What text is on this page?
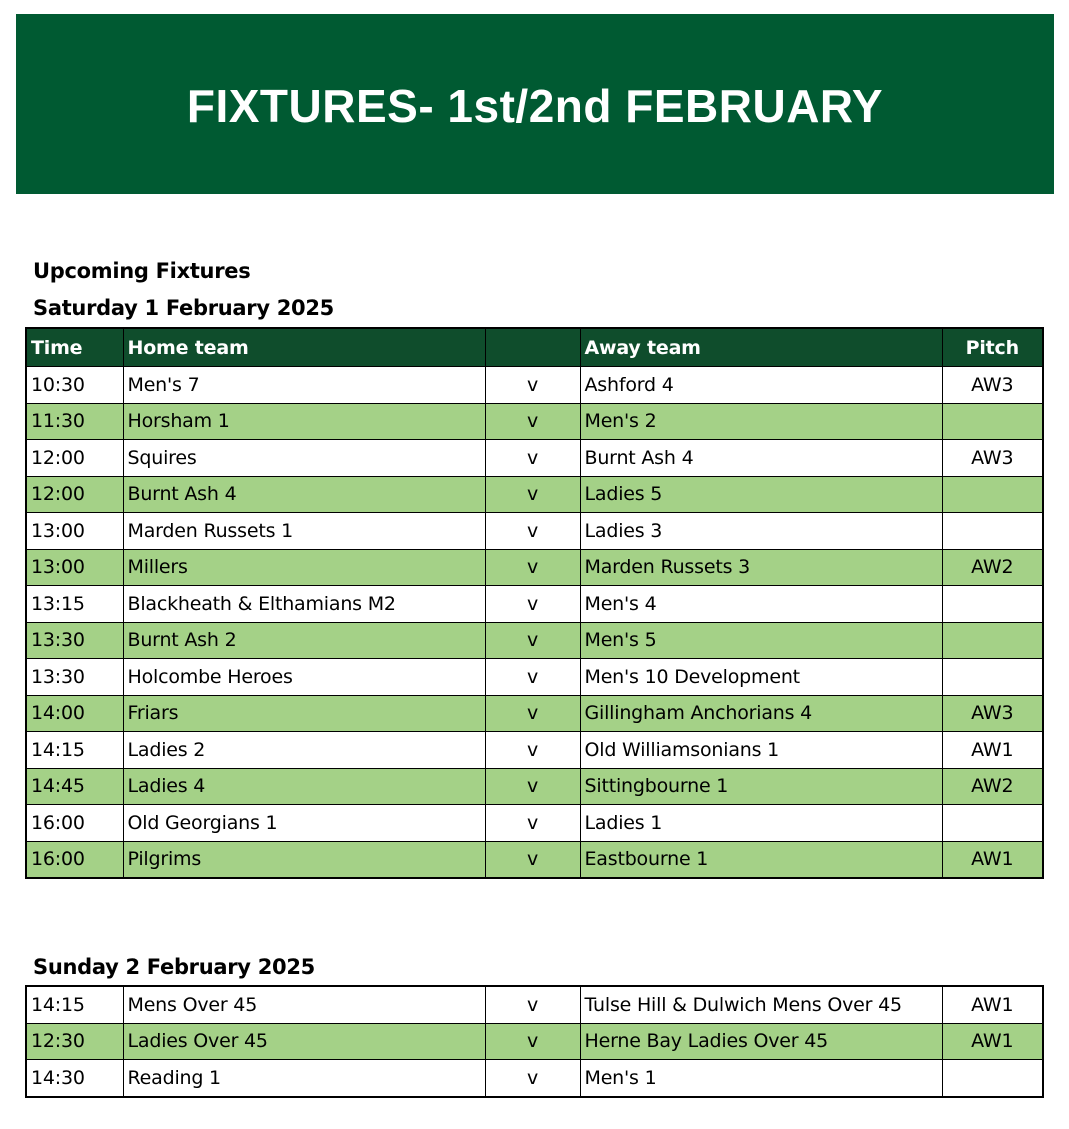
FIXTURES- 1st/2nd FEBRUARY
Upcoming Fixtures
Saturday 1 February 2025
Time	Home team		Away team	Pitch
10:30	Men's 7	v	Ashford 4	AW3
11:30	Horsham 1	v	Men's 2	
12:00	Squires	v	Burnt Ash 4	AW3
12:00	Burnt Ash 4	v	Ladies 5	
13:00	Marden Russets 1	v	Ladies 3	
13:00	Millers	v	Marden Russets 3	AW2
13:15	Blackheath & Elthamians M2	v	Men's 4	
13:30	Burnt Ash 2	v	Men's 5	
13:30	Holcombe Heroes	v	Men's 10 Development	
14:00	Friars	v	Gillingham Anchorians 4	AW3
14:15	Ladies 2	v	Old Williamsonians 1	AW1
14:45	Ladies 4	v	Sittingbourne 1	AW2
16:00	Old Georgians 1	v	Ladies 1	
16:00	Pilgrims	v	Eastbourne 1	AW1
Sunday 2 February 2025
14:15	Mens Over 45	v	Tulse Hill & Dulwich Mens Over 45	AW1
12:30	Ladies Over 45	v	Herne Bay Ladies Over 45	AW1
14:30	Reading 1	v	Men's 1	
